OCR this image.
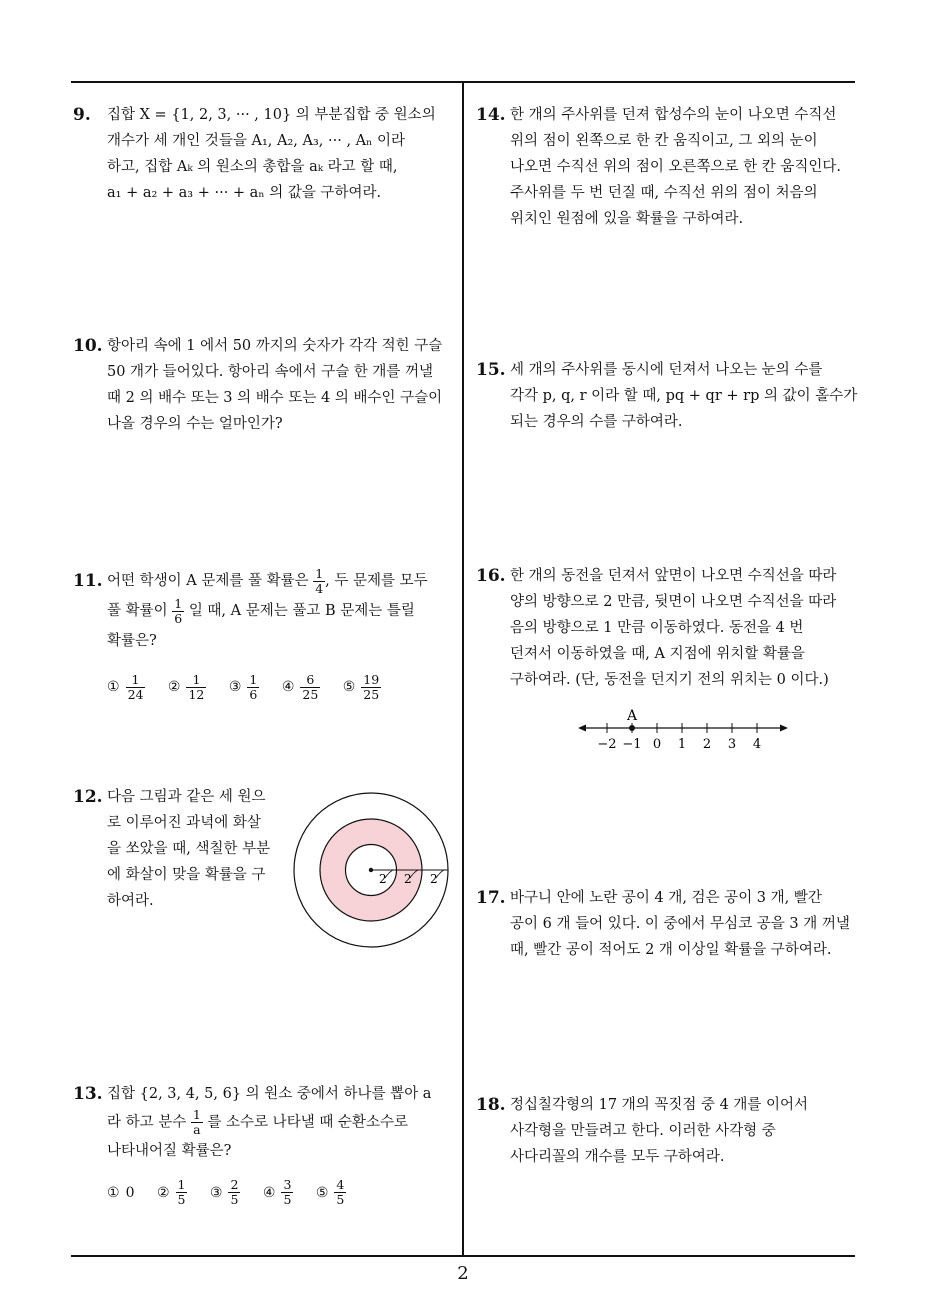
9. 집합 X = {1, 2, 3, ··· , 10} 의 부분집합 중 원소의

개수가 세 개인 것들을 A₁, A₂, A₃, ··· , Aₙ 이라

하고, 집합 Aₖ 의 원소의 총합을 aₖ 라고 할 때,

a₁ + a₂ + a₃ + ··· + aₙ 의 값을 구하여라.

10. 항아리 속에 1 에서 50 까지의 숫자가 각각 적힌 구슬

50 개가 들어있다. 항아리 속에서 구슬 한 개를 꺼낼

때 2 의 배수 또는 3 의 배수 또는 4 의 배수인 구슬이

나올 경우의 수는 얼마인가?

11. 어떤 학생이 A 문제를 풀 확률은 $\frac{1}{4}$ , 두 문제를 모두

풀 확률이 $\frac{1}{6}$ 일 때, A 문제는 풀고 B 문제는 틀릴

확률은?

① $\frac{1}{24}$ ② $\frac{1}{12}$ ③ $\frac{1}{6}$ ④ $\frac{6}{25}$ ⑤ $\frac{19}{25}$
12. 다음 그림과 같은 세 원으

로 이루어진 과녁에 화살

을 쏘았을 때, 색칠한 부분

에 화살이 맞을 확률을 구

하여라.

2 2 2
13. 집합 {2, 3, 4, 5, 6} 의 원소 중에서 하나를 뽑아 a

라 하고 분수 $\frac{1}{a}$ 를 소수로 나타낼 때 순환소수로

나타내어질 확률은?

① 0 ② $\frac{1}{5}$ ③ $\frac{2}{5}$ ④ $\frac{3}{5}$ ⑤ $\frac{4}{5}$
14. 한 개의 주사위를 던져 합성수의 눈이 나오면 수직선

위의 점이 왼쪽으로 한 칸 움직이고, 그 외의 눈이

나오면 수직선 위의 점이 오른쪽으로 한 칸 움직인다.

주사위를 두 번 던질 때, 수직선 위의 점이 처음의

위치인 원점에 있을 확률을 구하여라.

15. 세 개의 주사위를 동시에 던져서 나오는 눈의 수를

각각 p, q, r 이라 할 때, pq + qr + rp 의 값이 홀수가

되는 경우의 수를 구하여라.

16. 한 개의 동전을 던져서 앞면이 나오면 수직선을 따라

양의 방향으로 2 만큼, 뒷면이 나오면 수직선을 따라

음의 방향으로 1 만큼 이동하였다. 동전을 4 번

던져서 이동하였을 때, A 지점에 위치할 확률을

구하여라. (단, 동전을 던지기 전의 위치는 0 이다.)

−2 −1 0 1 2 3 4
A
17. 바구니 안에 노란 공이 4 개, 검은 공이 3 개, 빨간

공이 6 개 들어 있다. 이 중에서 무심코 공을 3 개 꺼낼

때, 빨간 공이 적어도 2 개 이상일 확률을 구하여라.

18. 정십칠각형의 17 개의 꼭짓점 중 4 개를 이어서

사각형을 만들려고 한다. 이러한 사각형 중

사다리꼴의 개수를 모두 구하여라.

2
